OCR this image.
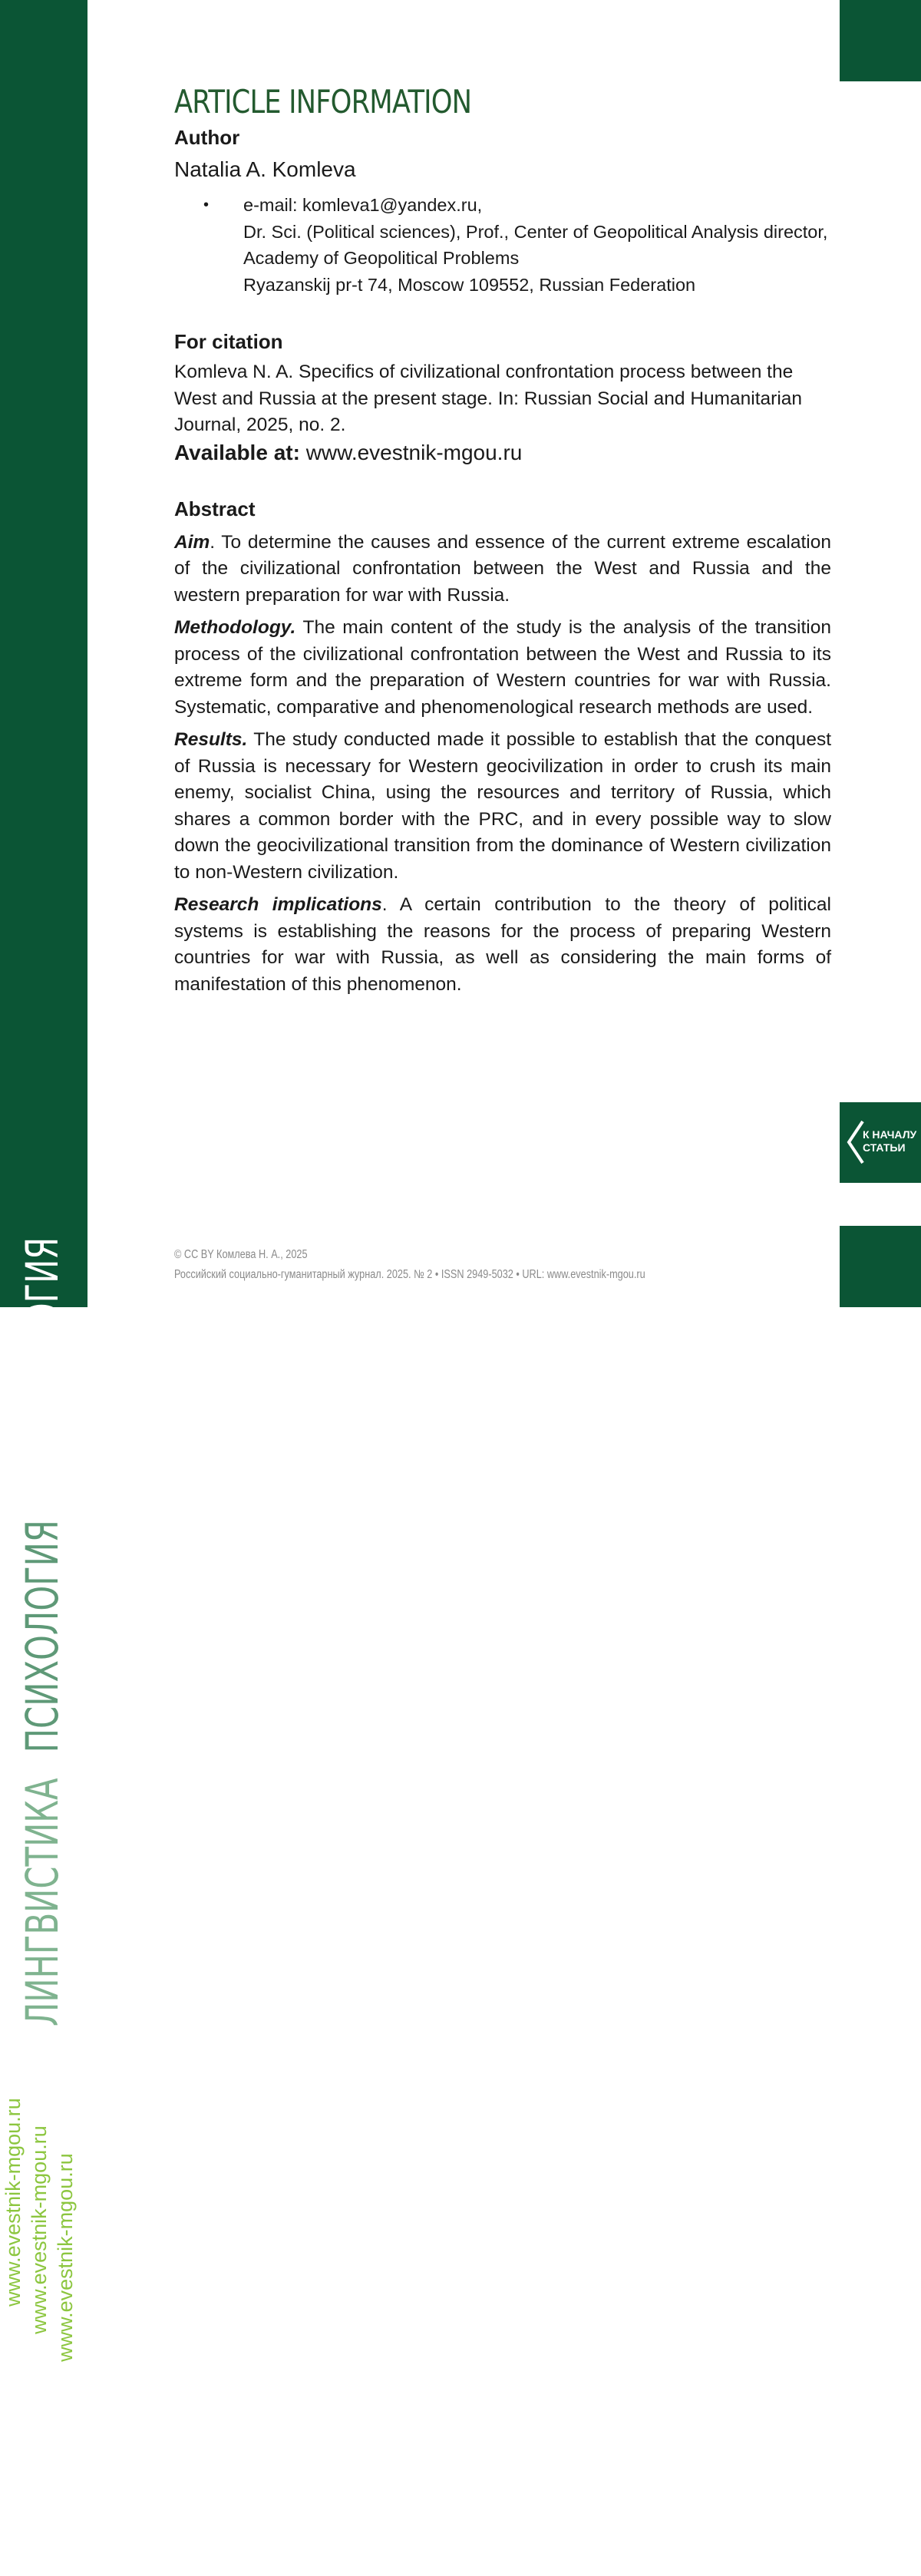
www.evestnik-mgou.ru www.evestnik-mgou.ru
www.evestnik-mgou.ru www.evestnik-mgou.ru
www.evestnik-mgou.ru www.evestnik-mgou.ru
ЛИНГВИСТИКАПСИХОЛОГИЯПОЛИТОЛОГИЯ
ARTICLE INFORMATION

Author

Natalia A. Komleva

• e-mail: komleva1@yandex.ru,
Dr. Sci. (Political sciences), Prof., Center of Geopolitical Analysis director,
Academy of Geopolitical Problems
Ryazanskij pr-t 74, Moscow 109552, Russian Federation

For citation

Komleva N. A. Specifics of civilizational confrontation process between the West and Russia at the present stage. In: Russian Social and Humanitarian Journal, 2025, no. 2.

Available at: www.evestnik-mgou.ru

Abstract

Aim. To determine the causes and essence of the current extreme escalation of the civilizational confrontation between the West and Russia and the western preparation for war with Russia.

Methodology. The main content of the study is the analysis of the transition process of the civilizational confrontation between the West and Russia to its extreme form and the preparation of Western countries for war with Russia. Systematic, comparative and phenomenological research methods are used.

Results. The study conducted made it possible to establish that the conquest of Russia is necessary for Western geocivilization in order to crush its main enemy, socialist China, using the resources and territory of Russia, which shares a common border with the PRC, and in every possible way to slow down the geocivilizational transition from the dominance of Western civilization to non-Western civilization.

Research implications. A certain contribution to the theory of political systems is establishing the reasons for the process of preparing Western countries for war with Russia, as well as considering the main forms of manifestation of this phenomenon.

К НАЧАЛУ
СТАТЬИ
© CC BY Комлева Н. А., 2025
Российский социально-гуманитарный журнал. 2025. № 2 • ISSN 2949-5032 • URL: www.evestnik-mgou.ru
